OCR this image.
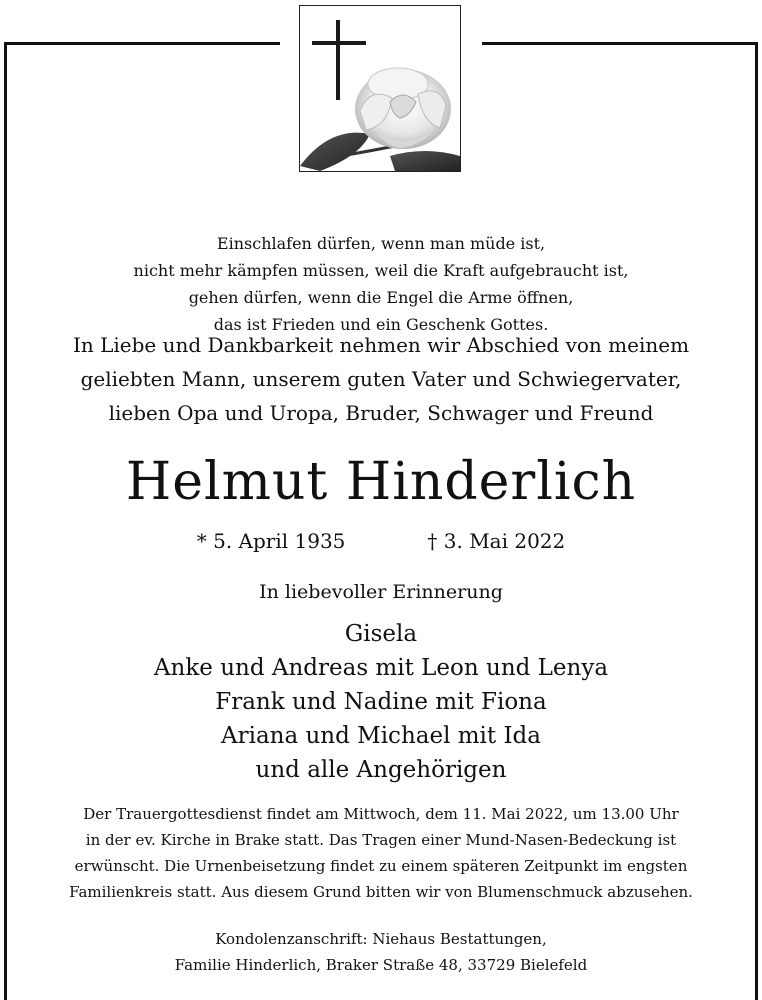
Einschlafen dürfen, wenn man müde ist,
nicht mehr kämpfen müssen, weil die Kraft aufgebraucht ist,
gehen dürfen, wenn die Engel die Arme öffnen,
das ist Frieden und ein Geschenk Gottes.
In Liebe und Dankbarkeit nehmen wir Abschied von meinem
geliebten Mann, unserem guten Vater und Schwiegervater,
lieben Opa und Uropa, Bruder, Schwager und Freund
Helmut Hinderlich
* 5. April 1935	† 3. Mai 2022
In liebevoller Erinnerung
Gisela
Anke und Andreas mit Leon und Lenya
Frank und Nadine mit Fiona
Ariana und Michael mit Ida
und alle Angehörigen
Der Trauergottesdienst findet am Mittwoch, dem 11. Mai 2022, um 13.00 Uhr
in der ev. Kirche in Brake statt. Das Tragen einer Mund-Nasen-Bedeckung ist
erwünscht. Die Urnenbeisetzung findet zu einem späteren Zeitpunkt im engsten
Familienkreis statt. Aus diesem Grund bitten wir von Blumenschmuck abzusehen.
Kondolenzanschrift: Niehaus Bestattungen,
Familie Hinderlich, Braker Straße 48, 33729 Bielefeld
